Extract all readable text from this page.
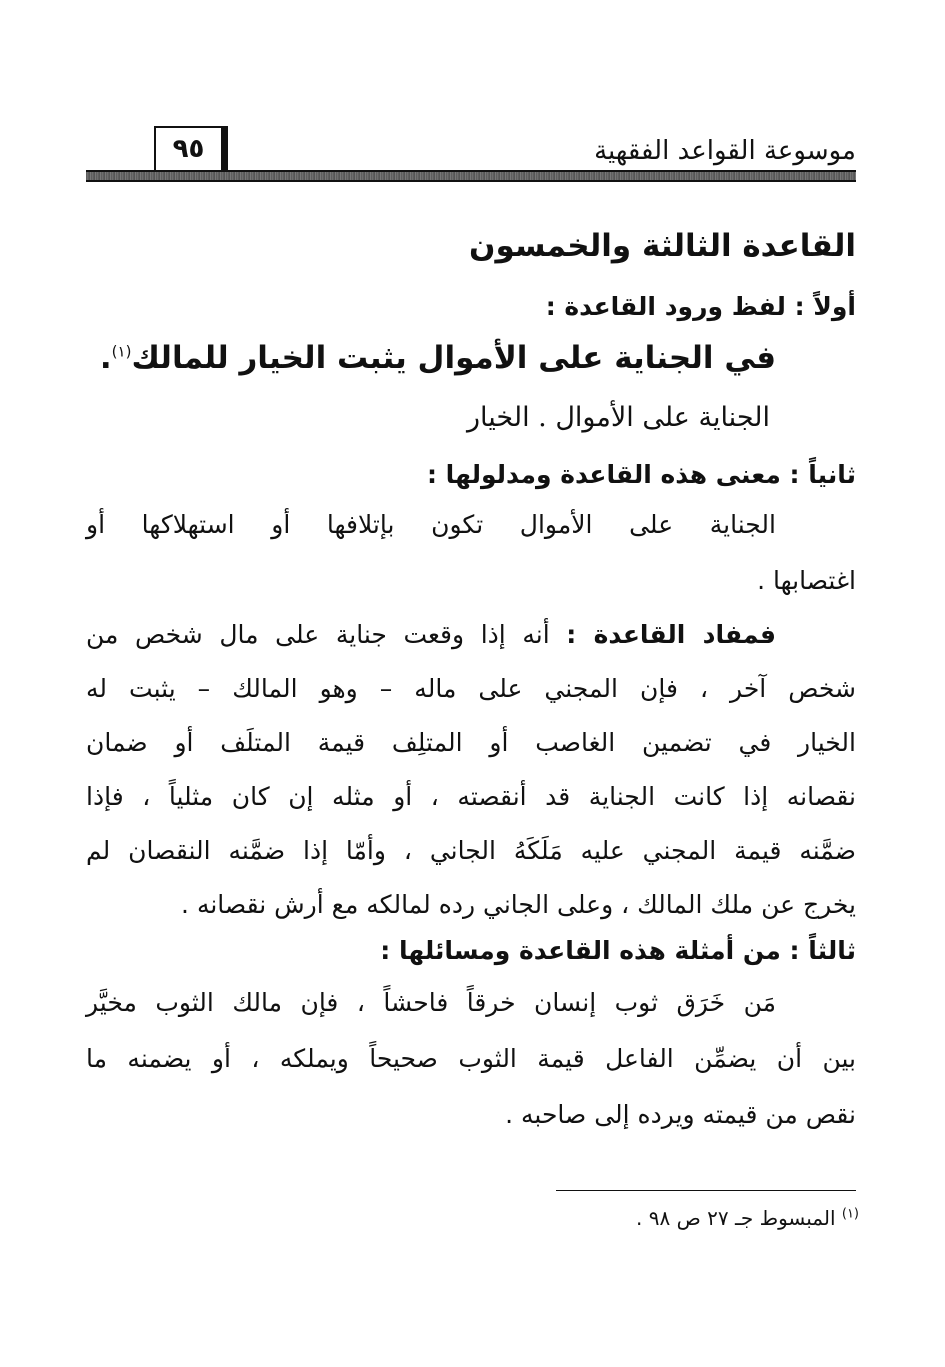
٩٥	موسوعة القواعد الفقهية
القاعدة الثالثة والخمسون
أولاً : لفظ ورود القاعدة :
في الجناية على الأموال يثبت الخيار للمالك$^{(١)}$.
الجناية على الأموال . الخيار
ثانياً : معنى هذه القاعدة ومدلولها :
الجناية على الأموال تكون بإتلافها أو استهلاكها أو
اغتصابها .
فمفاد القاعدة : أنه إذا وقعت جناية على مال شخص من
شخص آخر ، فإن المجني على ماله – وهو المالك – يثبت له
الخيار في تضمين الغاصب أو المتلِف قيمة المتلَف أو ضمان
نقصانه إذا كانت الجناية قد أنقصته ، أو مثله إن كان مثلياً ، فإذا
ضمَّنه قيمة المجني عليه مَلَكَهُ الجاني ، وأمّا إذا ضمَّنه النقصان لم
يخرج عن ملك المالك ، وعلى الجاني رده لمالكه مع أرش نقصانه .
ثالثاً : من أمثلة هذه القاعدة ومسائلها :
مَن خَرَق ثوب إنسان خرقاً فاحشاً ، فإن مالك الثوب مخيَّر
بين أن يضمِّن الفاعل قيمة الثوب صحيحاً ويملكه ، أو يضمنه ما
نقص من قيمته ويرده إلى صاحبه .
$^{(١)}$ المبسوط جـ ٢٧ ص ٩٨ .
